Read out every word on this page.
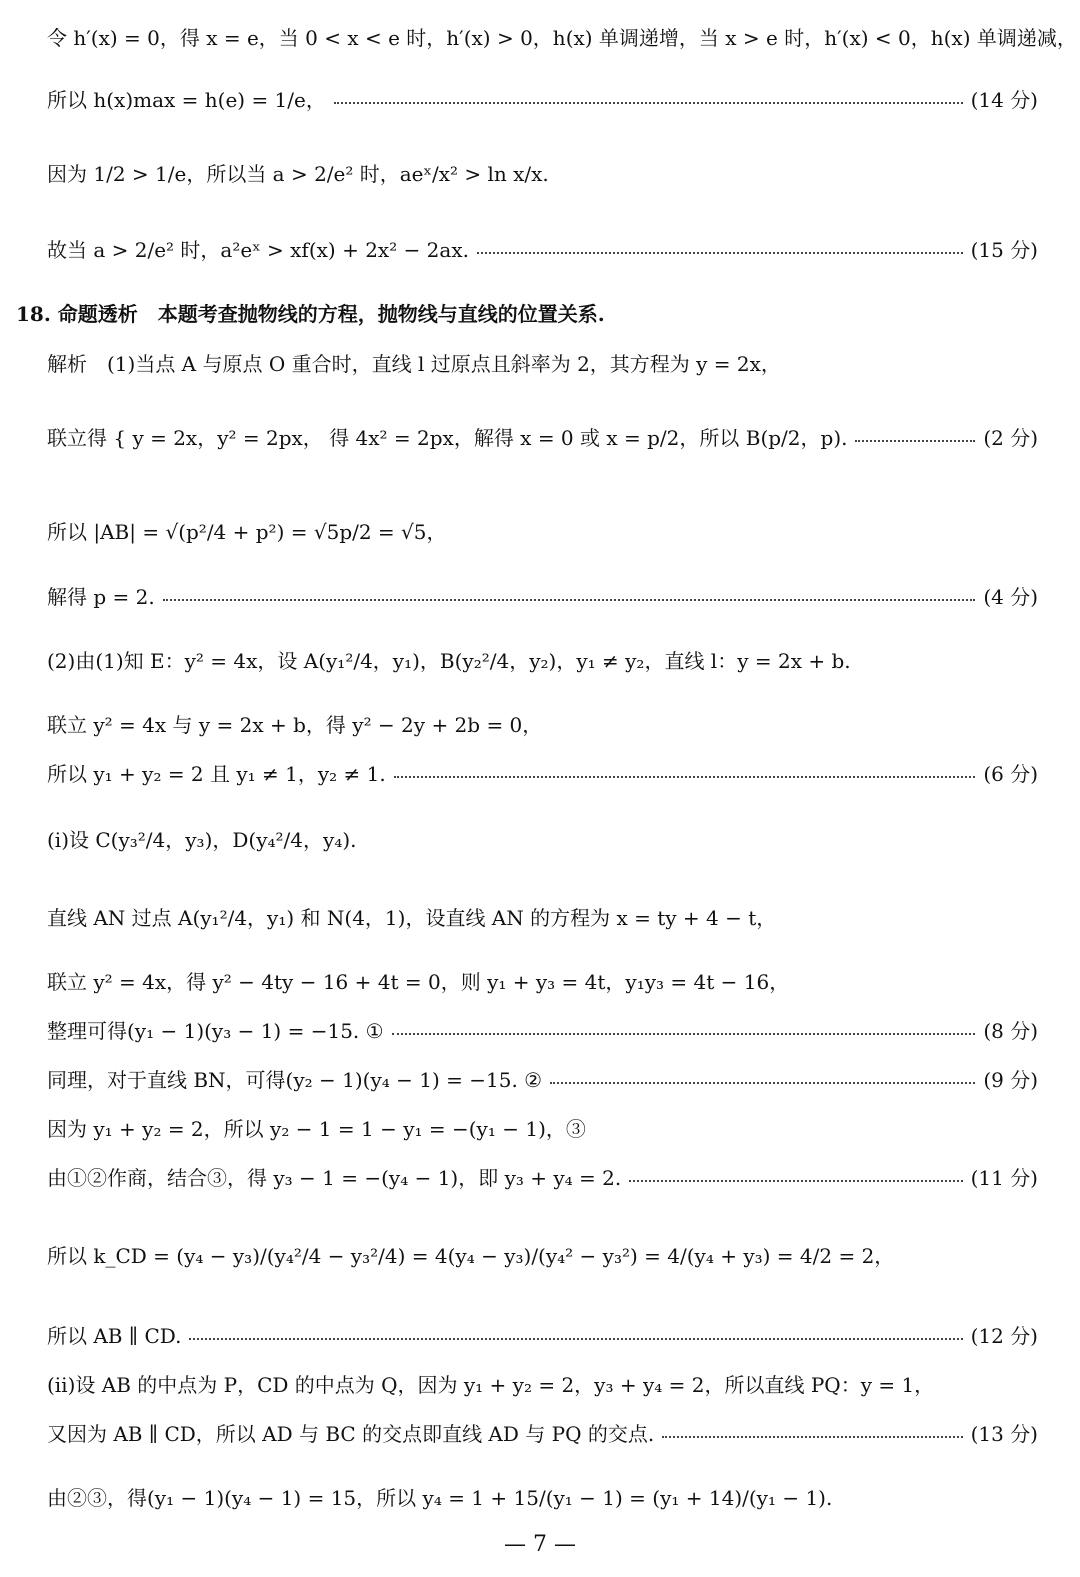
令 h′(x) = 0，得 x = e，当 0 < x < e 时，h′(x) > 0，h(x) 单调递增，当 x > e 时，h′(x) < 0，h(x) 单调递减，
所以 h(x)max = h(e) = 1/e，	(14 分)
因为 1/2 > 1/e，所以当 a > 2/e² 时，aeˣ/x² > ln x/x.
故当 a > 2/e² 时，a²eˣ > xf(x) + 2x² − 2ax.	(15 分)
18. 命题透析　本题考查抛物线的方程，抛物线与直线的位置关系.
解析　(1)当点 A 与原点 O 重合时，直线 l 过原点且斜率为 2，其方程为 y = 2x，
联立得 { y = 2x，y² = 2px， 得 4x² = 2px，解得 x = 0 或 x = p/2，所以 B(p/2，p).	(2 分)
所以 |AB| = √(p²/4 + p²) = √5p/2 = √5，
解得 p = 2.	(4 分)
(2)由(1)知 E：y² = 4x，设 A(y₁²/4，y₁)，B(y₂²/4，y₂)，y₁ ≠ y₂，直线 l：y = 2x + b.
联立 y² = 4x 与 y = 2x + b，得 y² − 2y + 2b = 0，
所以 y₁ + y₂ = 2 且 y₁ ≠ 1，y₂ ≠ 1.	(6 分)
(ⅰ)设 C(y₃²/4，y₃)，D(y₄²/4，y₄).
直线 AN 过点 A(y₁²/4，y₁) 和 N(4，1)，设直线 AN 的方程为 x = ty + 4 − t，
联立 y² = 4x，得 y² − 4ty − 16 + 4t = 0，则 y₁ + y₃ = 4t，y₁y₃ = 4t − 16，
整理可得(y₁ − 1)(y₃ − 1) = −15. ①	(8 分)
同理，对于直线 BN，可得(y₂ − 1)(y₄ − 1) = −15. ②	(9 分)
因为 y₁ + y₂ = 2，所以 y₂ − 1 = 1 − y₁ = −(y₁ − 1)，③
由①②作商，结合③，得 y₃ − 1 = −(y₄ − 1)，即 y₃ + y₄ = 2.	(11 分)
所以 k_CD = (y₄ − y₃)/(y₄²/4 − y₃²/4) = 4(y₄ − y₃)/(y₄² − y₃²) = 4/(y₄ + y₃) = 4/2 = 2，
所以 AB ∥ CD.	(12 分)
(ⅱ)设 AB 的中点为 P，CD 的中点为 Q，因为 y₁ + y₂ = 2，y₃ + y₄ = 2，所以直线 PQ：y = 1，
又因为 AB ∥ CD，所以 AD 与 BC 的交点即直线 AD 与 PQ 的交点.	(13 分)
由②③，得(y₁ − 1)(y₄ − 1) = 15，所以 y₄ = 1 + 15/(y₁ − 1) = (y₁ + 14)/(y₁ − 1).
— 7 —
